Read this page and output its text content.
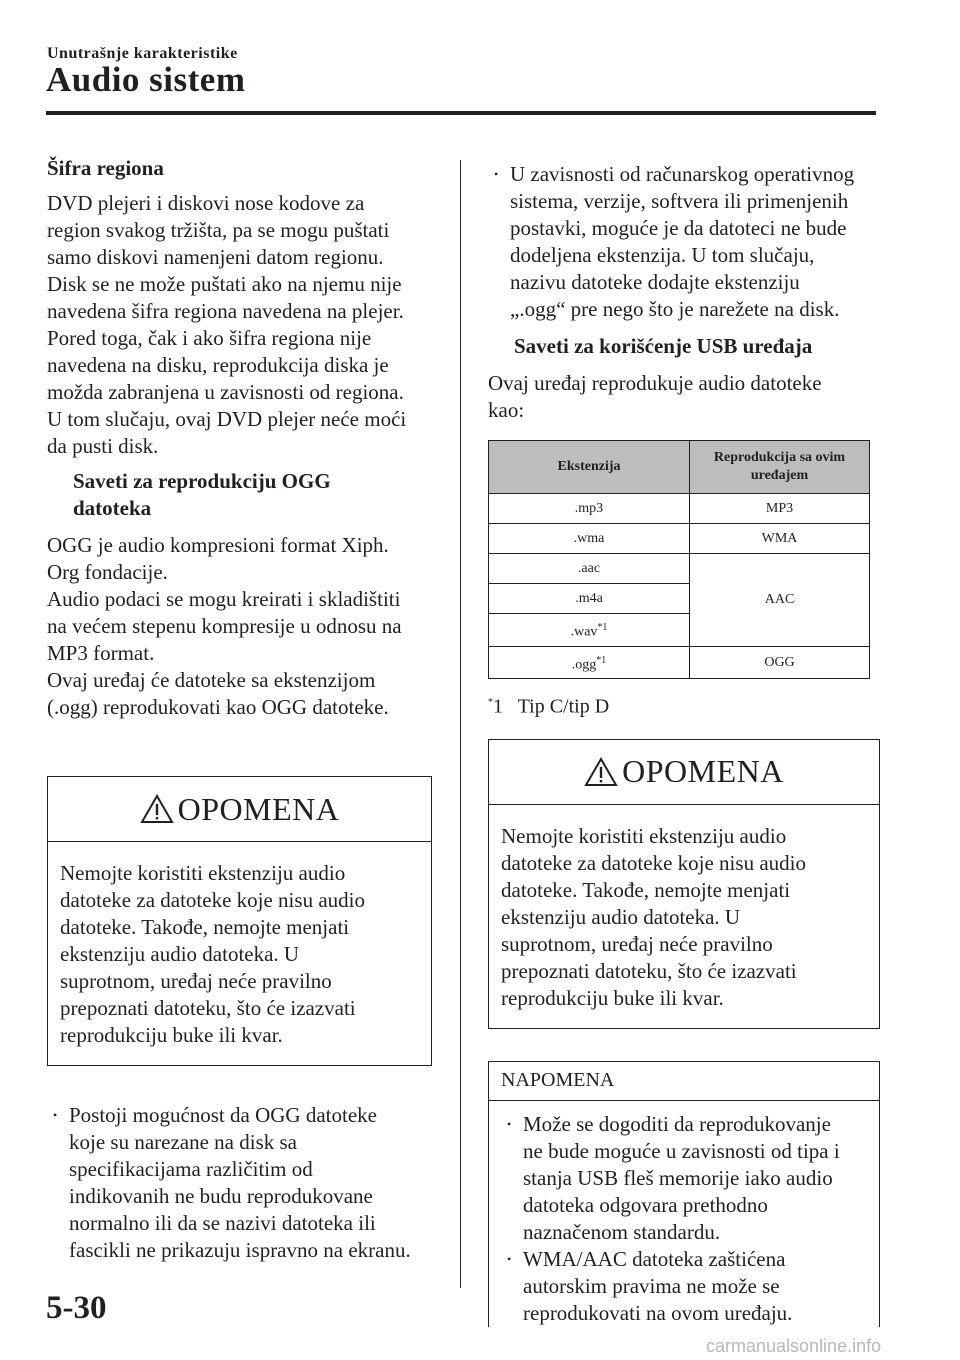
Unutrašnje karakteristike
Audio sistem
Šifra regiona
DVD plejeri i diskovi nose kodove za
region svakog tržišta, pa se mogu puštati
samo diskovi namenjeni datom regionu.
Disk se ne može puštati ako na njemu nije
navedena šifra regiona navedena na plejer.
Pored toga, čak i ako šifra regiona nije
navedena na disku, reprodukcija diska je
možda zabranjena u zavisnosti od regiona.
U tom slučaju, ovaj DVD plejer neće moći
da pusti disk.
Saveti za reprodukciju OGG
datoteka
OGG je audio kompresioni format Xiph.
Org fondacije.
Audio podaci se mogu kreirati i skladištiti
na većem stepenu kompresije u odnosu na
MP3 format.
Ovaj uređaj će datoteke sa ekstenzijom
(.ogg) reprodukovati kao OGG datoteke.
OPOMENA
Nemojte koristiti ekstenziju audio
datoteke za datoteke koje nisu audio
datoteke. Takođe, nemojte menjati
ekstenziju audio datoteka. U
suprotnom, uređaj neće pravilno
prepoznati datoteku, što će izazvati
reprodukciju buke ili kvar.
• Postoji mogućnost da OGG datoteke
koje su narezane na disk sa
specifikacijama različitim od
indikovanih ne budu reprodukovane
normalno ili da se nazivi datoteka ili
fascikli ne prikazuju ispravno na ekranu.
• U zavisnosti od računarskog operativnog
sistema, verzije, softvera ili primenjenih
postavki, moguće je da datoteci ne bude
dodeljena ekstenzija. U tom slučaju,
nazivu datoteke dodajte ekstenziju
„.ogg“ pre nego što je narežete na disk.
Saveti za korišćenje USB uređaja
Ovaj uređaj reprodukuje audio datoteke
kao:
Ekstenzija	Reprodukcija sa ovim
uređajem

.mp3	MP3
.wma	WMA
.aac	AAC
.m4a	
.wav$^{*1}$
.ogg$^{*1}$	OGG
*1 Tip C/tip D
OPOMENA
Nemojte koristiti ekstenziju audio
datoteke za datoteke koje nisu audio
datoteke. Takođe, nemojte menjati
ekstenziju audio datoteka. U
suprotnom, uređaj neće pravilno
prepoznati datoteku, što će izazvati
reprodukciju buke ili kvar.
NAPOMENA
• Može se dogoditi da reprodukovanje
ne bude moguće u zavisnosti od tipa i
stanja USB fleš memorije iako audio
datoteka odgovara prethodno
naznačenom standardu.
• WMA/AAC datoteka zaštićena
autorskim pravima ne može se
reprodukovati na ovom uređaju.
5-30
carmanualsonline.info
